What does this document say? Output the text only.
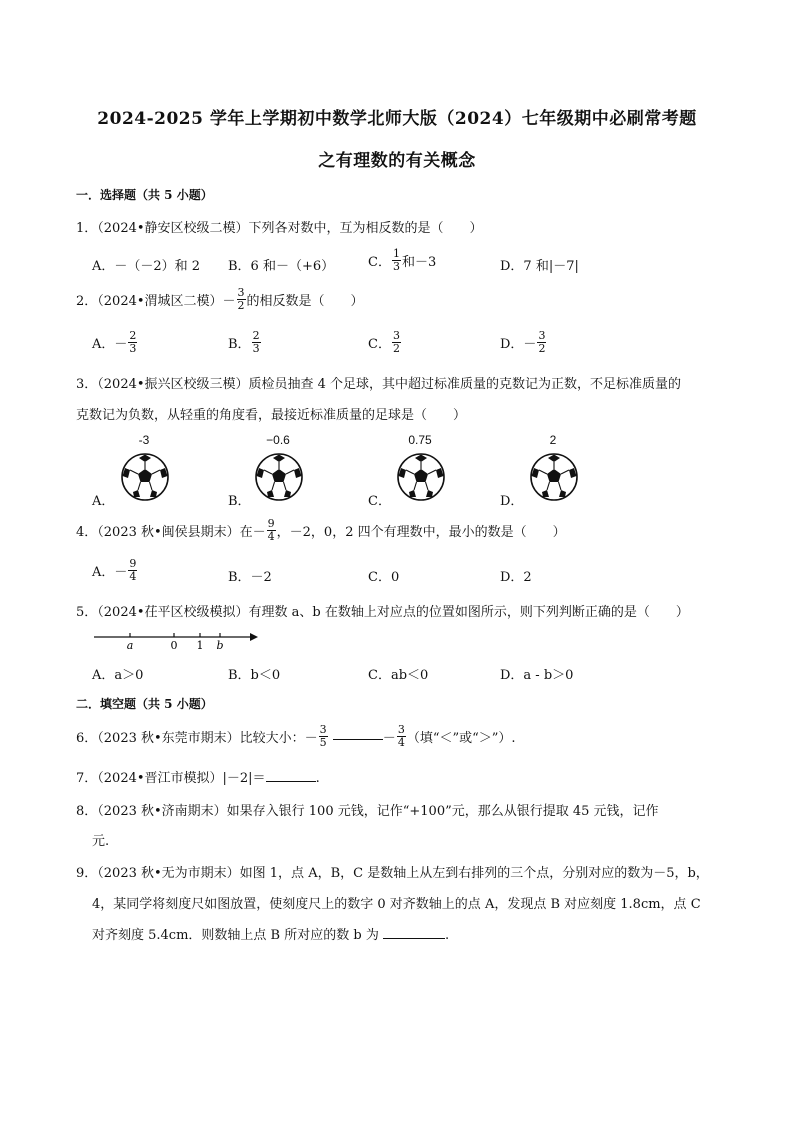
2024-2025 学年上学期初中数学北师大版（2024）七年级期中必刷常考题
之有理数的有关概念
一．选择题（共 5 小题）
1．（2024•静安区校级二模）下列各对数中，互为相反数的是（　　）
A．－（－2）和 2 B．6 和－（+6）	C． $\frac{1}{3}$ 和－3	D．7 和|－7|
2．（2024•渭城区二模）－ $\frac{3}{2}$ 的相反数是（　　）
A．－ $\frac{2}{3}$	B． $\frac{2}{3}$	C． $\frac{3}{2}$	D．－ $\frac{3}{2}$
3．（2024•振兴区校级三模）质检员抽查 4 个足球，其中超过标准质量的克数记为正数，不足标准质量的
克数记为负数，从轻重的角度看，最接近标准质量的足球是（　　）
-3	−0.6	0.75	2
A．	B．	C．	D．
4．（2023 秋•闽侯县期末）在－ $\frac{9}{4}$ ，－2，0，2 四个有理数中，最小的数是（　　）
A．－ $\frac{9}{4}$	B．－2	C．0	D．2
5．（2024•茌平区校级模拟）有理数 a、b 在数轴上对应点的位置如图所示，则下列判断正确的是（　　）
a	0 1 b
A．a＞0	B．b＜0	C．ab＜0	D．a - b＞0
二．填空题（共 5 小题）
6．（2023 秋•东莞市期末）比较大小：－ $\frac{3}{5}$	－ $\frac{3}{4}$ （填“＜”或“＞”）.
7．（2024•晋江市模拟）|－2|＝	.
8．（2023 秋•济南期末）如果存入银行 100 元钱，记作“+100”元，那么从银行提取 45 元钱，记作
元.
9．（2023 秋•无为市期末）如图 1，点 A，B，C 是数轴上从左到右排列的三个点，分别对应的数为－5，b，
4，某同学将刻度尺如图放置，使刻度尺上的数字 0 对齐数轴上的点 A，发现点 B 对应刻度 1.8cm，点 C
对齐刻度 5.4cm．则数轴上点 B 所对应的数 b 为	.
